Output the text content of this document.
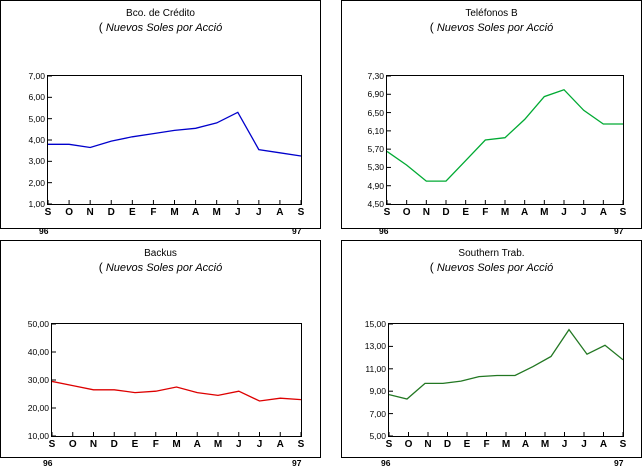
Bco. de Crédito
( Nuevos Soles por Acció
1,00
2,00
3,00
4,00
5,00
6,00
7,00
S O N D E F M A M J J A S
96	97
Teléfonos B
( Nuevos Soles por Acció
4,50
4,90
5,30
5,70
6,10
6,50
6,90
7,30
S O N D E F M A M J J A S
96	97
Backus
( Nuevos Soles por Acció
10,00
20,00
30,00
40,00
50,00
S O N D E F M A M J J A S
96	97
Southern Trab.
( Nuevos Soles por Acció
5,00
7,00
9,00
11,00
13,00
15,00
S O N D E F M A M J J A S
96	97
